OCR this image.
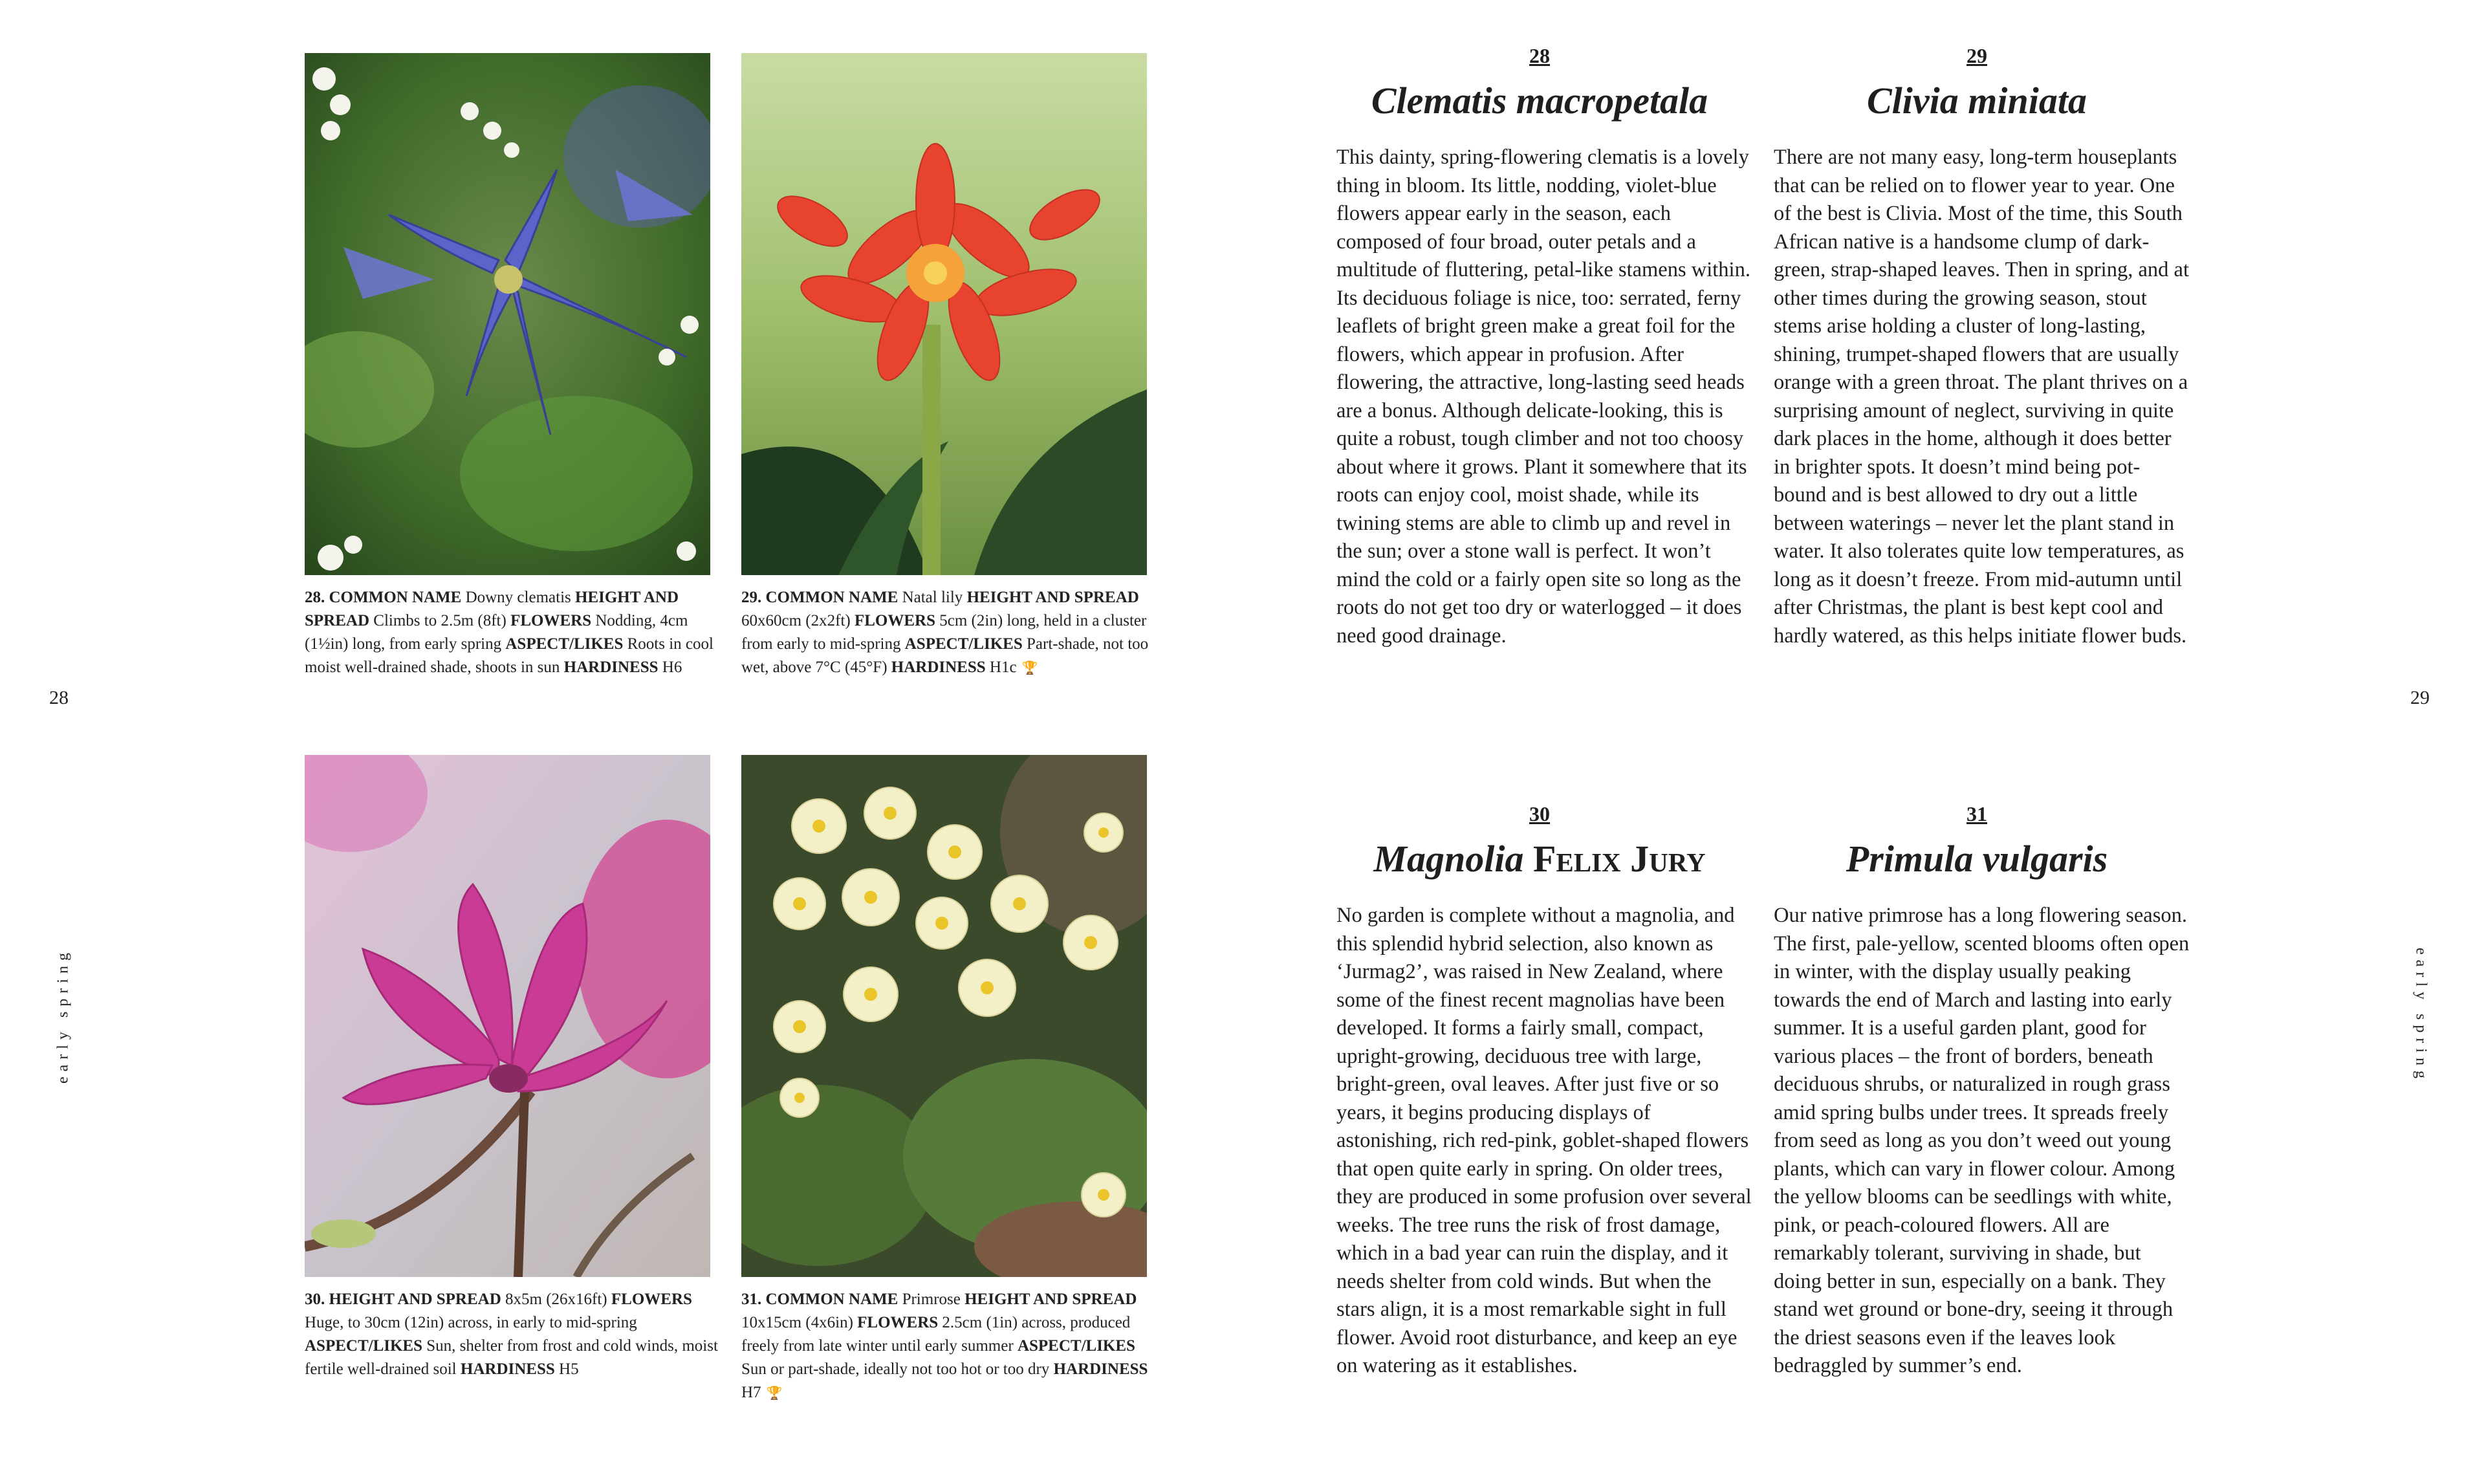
28. COMMON NAME Downy clematis HEIGHT AND SPREAD Climbs to 2.5m (8ft) FLOWERS Nodding, 4cm (1½in) long, from early spring ASPECT/LIKES Roots in cool moist well-drained shade, shoots in sun HARDINESS H6
29. COMMON NAME Natal lily HEIGHT AND SPREAD 60x60cm (2x2ft) FLOWERS 5cm (2in) long, held in a cluster from early to mid-spring ASPECT/LIKES Part-shade, not too wet, above 7°C (45°F) HARDINESS H1c 🏆
30. HEIGHT AND SPREAD 8x5m (26x16ft) FLOWERS Huge, to 30cm (12in) across, in early to mid-spring ASPECT/LIKES Sun, shelter from frost and cold winds, moist fertile well-drained soil HARDINESS H5
31. COMMON NAME Primrose HEIGHT AND SPREAD 10x15cm (4x6in) FLOWERS 2.5cm (1in) across, produced freely from late winter until early summer ASPECT/LIKES Sun or part-shade, ideally not too hot or too dry HARDINESS H7 🏆
28	29
early spring	early spring
28
Clematis macropetala
This dainty, spring-flowering clematis is a lovely thing in bloom. Its little, nodding, violet-blue flowers appear early in the season, each composed of four broad, outer petals and a multitude of fluttering, petal-like stamens within. Its deciduous foliage is nice, too: serrated, ferny leaflets of bright green make a great foil for the flowers, which appear in profusion. After flowering, the attractive, long-lasting seed heads are a bonus. Although delicate-looking, this is quite a robust, tough climber and not too choosy about where it grows. Plant it somewhere that its roots can enjoy cool, moist shade, while its twining stems are able to climb up and revel in the sun; over a stone wall is perfect. It won’t mind the cold or a fairly open site so long as the roots do not get too dry or waterlogged – it does need good drainage.
29
Clivia miniata
There are not many easy, long-term houseplants that can be relied on to flower year to year. One of the best is Clivia. Most of the time, this South African native is a handsome clump of dark-green, strap-shaped leaves. Then in spring, and at other times during the growing season, stout stems arise holding a cluster of long-lasting, shining, trumpet-shaped flowers that are usually orange with a green throat. The plant thrives on a surprising amount of neglect, surviving in quite dark places in the home, although it does better in brighter spots. It doesn’t mind being pot-bound and is best allowed to dry out a little between waterings – never let the plant stand in water. It also tolerates quite low temperatures, as long as it doesn’t freeze. From mid-autumn until after Christmas, the plant is best kept cool and hardly watered, as this helps initiate flower buds.
30
Magnolia Felix Jury
No garden is complete without a magnolia, and this splendid hybrid selection, also known as ‘Jurmag2’, was raised in New Zealand, where some of the finest recent magnolias have been developed. It forms a fairly small, compact, upright-growing, deciduous tree with large, bright-green, oval leaves. After just five or so years, it begins producing displays of astonishing, rich red-pink, goblet-shaped flowers that open quite early in spring. On older trees, they are produced in some profusion over several weeks. The tree runs the risk of frost damage, which in a bad year can ruin the display, and it needs shelter from cold winds. But when the stars align, it is a most remarkable sight in full flower. Avoid root disturbance, and keep an eye on watering as it establishes.
31
Primula vulgaris
Our native primrose has a long flowering season. The first, pale-yellow, scented blooms often open in winter, with the display usually peaking towards the end of March and lasting into early summer. It is a useful garden plant, good for various places – the front of borders, beneath deciduous shrubs, or naturalized in rough grass amid spring bulbs under trees. It spreads freely from seed as long as you don’t weed out young plants, which can vary in flower colour. Among the yellow blooms can be seedlings with white, pink, or peach-coloured flowers. All are remarkably tolerant, surviving in shade, but doing better in sun, especially on a bank. They stand wet ground or bone-dry, seeing it through the driest seasons even if the leaves look bedraggled by summer’s end.
